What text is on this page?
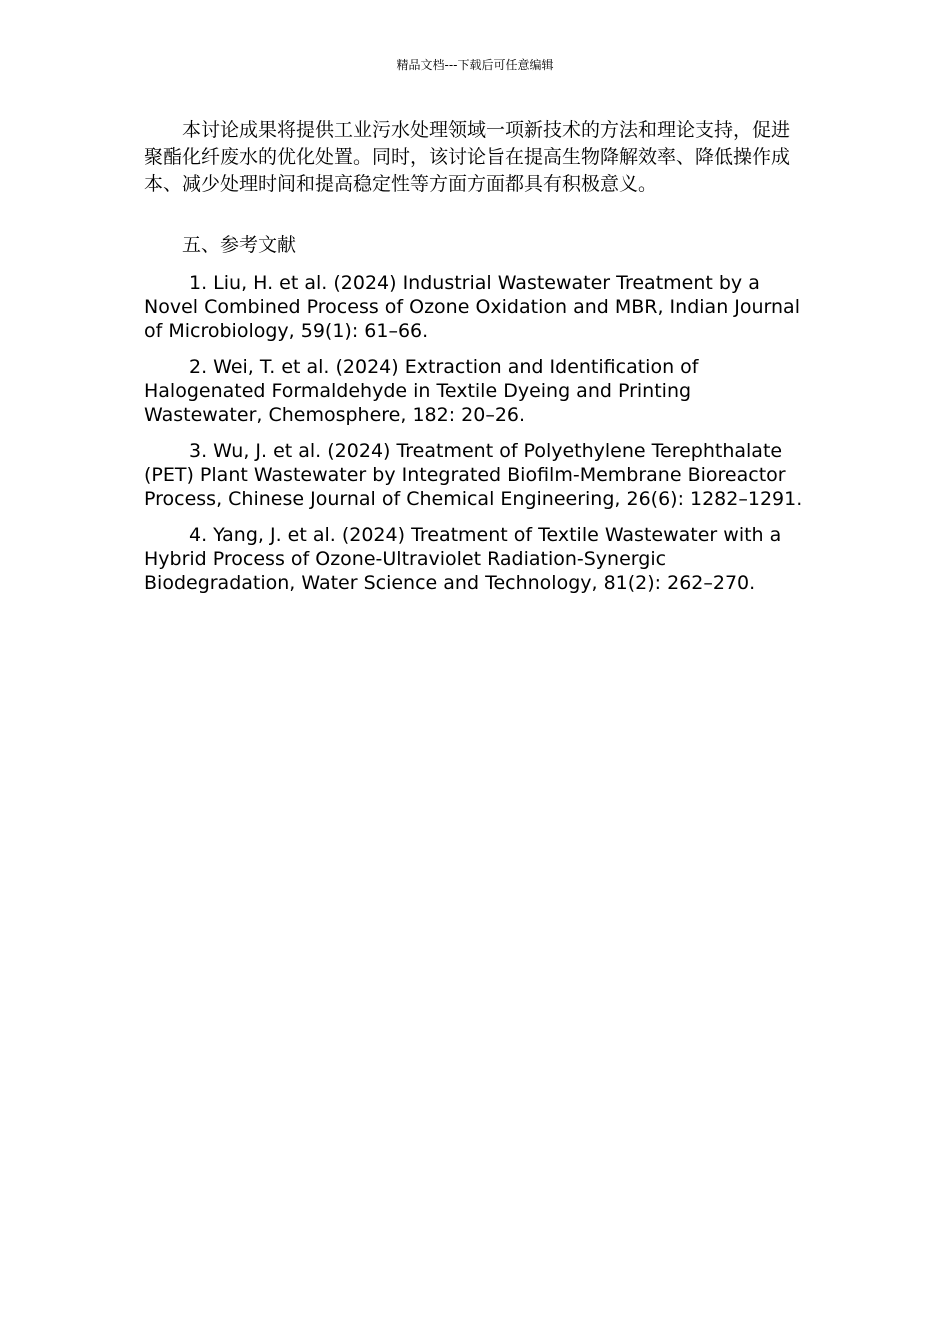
精品文档---下载后可任意编辑

本讨论成果将提供工业污水处理领域一项新技术的方法和理论支持，促进聚酯化纤废水的优化处置。同时，该讨论旨在提高生物降解效率、降低操作成本、减少处理时间和提高稳定性等方面方面都具有积极意义。

五、参考文献

1. Liu, H. et al. (2024) Industrial Wastewater Treatment by a Novel Combined Process of Ozone Oxidation and MBR, Indian Journal of Microbiology, 59(1): 61–66.

2. Wei, T. et al. (2024) Extraction and Identification of Halogenated Formaldehyde in Textile Dyeing and Printing Wastewater, Chemosphere, 182: 20–26.

3. Wu, J. et al. (2024) Treatment of Polyethylene Terephthalate (PET) Plant Wastewater by Integrated Biofilm-Membrane Bioreactor Process, Chinese Journal of Chemical Engineering, 26(6): 1282–1291.

4. Yang, J. et al. (2024) Treatment of Textile Wastewater with a Hybrid Process of Ozone-Ultraviolet Radiation-Synergic Biodegradation, Water Science and Technology, 81(2): 262–270.
